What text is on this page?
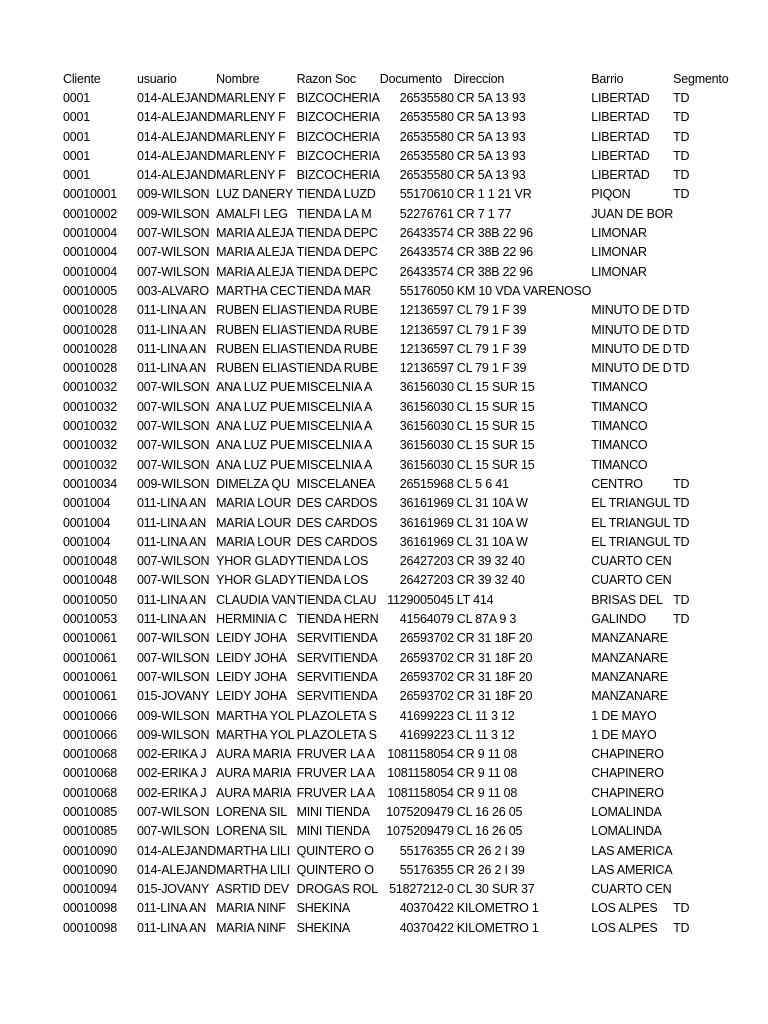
Cliente	usuario	Nombre	Razon Soc	Documento	Direccion	Barrio	Segmento
0001	014-ALEJAND	MARLENY F	BIZCOCHERIA	26535580	CR 5A 13 93	LIBERTAD	TD
0001	014-ALEJAND	MARLENY F	BIZCOCHERIA	26535580	CR 5A 13 93	LIBERTAD	TD
0001	014-ALEJAND	MARLENY F	BIZCOCHERIA	26535580	CR 5A 13 93	LIBERTAD	TD
0001	014-ALEJAND	MARLENY F	BIZCOCHERIA	26535580	CR 5A 13 93	LIBERTAD	TD
0001	014-ALEJAND	MARLENY F	BIZCOCHERIA	26535580	CR 5A 13 93	LIBERTAD	TD
00010001	009-WILSON	LUZ DANERY	TIENDA LUZD	55170610	CR 1 1 21 VR	PIQON	TD
00010002	009-WILSON	AMALFI LEG	TIENDA LA M	52276761	CR 7 1 77	JUAN DE BOR	
00010004	007-WILSON	MARIA ALEJA	TIENDA DEPC	26433574	CR 38B 22 96	LIMONAR	
00010004	007-WILSON	MARIA ALEJA	TIENDA DEPC	26433574	CR 38B 22 96	LIMONAR	
00010004	007-WILSON	MARIA ALEJA	TIENDA DEPC	26433574	CR 38B 22 96	LIMONAR	
00010005	003-ALVARO	MARTHA CEC	TIENDA MAR	55176050	KM 10 VDA VARENOSO		
00010028	011-LINA AN	RUBEN ELIAS	TIENDA RUBE	12136597	CL 79 1 F 39	MINUTO DE D	TD
00010028	011-LINA AN	RUBEN ELIAS	TIENDA RUBE	12136597	CL 79 1 F 39	MINUTO DE D	TD
00010028	011-LINA AN	RUBEN ELIAS	TIENDA RUBE	12136597	CL 79 1 F 39	MINUTO DE D	TD
00010028	011-LINA AN	RUBEN ELIAS	TIENDA RUBE	12136597	CL 79 1 F 39	MINUTO DE D	TD
00010032	007-WILSON	ANA LUZ PUE	MISCELNIA A	36156030	CL 15 SUR 15	TIMANCO	
00010032	007-WILSON	ANA LUZ PUE	MISCELNIA A	36156030	CL 15 SUR 15	TIMANCO	
00010032	007-WILSON	ANA LUZ PUE	MISCELNIA A	36156030	CL 15 SUR 15	TIMANCO	
00010032	007-WILSON	ANA LUZ PUE	MISCELNIA A	36156030	CL 15 SUR 15	TIMANCO	
00010032	007-WILSON	ANA LUZ PUE	MISCELNIA A	36156030	CL 15 SUR 15	TIMANCO	
00010034	009-WILSON	DIMELZA QU	MISCELANEA	26515968	CL 5 6 41	CENTRO	TD
0001004	011-LINA AN	MARIA LOUR	DES CARDOS	36161969	CL 31 10A W	EL TRIANGUL	TD
0001004	011-LINA AN	MARIA LOUR	DES CARDOS	36161969	CL 31 10A W	EL TRIANGUL	TD
0001004	011-LINA AN	MARIA LOUR	DES CARDOS	36161969	CL 31 10A W	EL TRIANGUL	TD
00010048	007-WILSON	YHOR GLADY	TIENDA LOS	26427203	CR 39 32 40	CUARTO CEN	
00010048	007-WILSON	YHOR GLADY	TIENDA LOS	26427203	CR 39 32 40	CUARTO CEN	
00010050	011-LINA AN	CLAUDIA VAN	TIENDA CLAU	1129005045	LT 414	BRISAS DEL	TD
00010053	011-LINA AN	HERMINIA C	TIENDA HERN	41564079	CL 87A 9 3	GALINDO	TD
00010061	007-WILSON	LEIDY JOHA	SERVITIENDA	26593702	CR 31 18F 20	MANZANARE	
00010061	007-WILSON	LEIDY JOHA	SERVITIENDA	26593702	CR 31 18F 20	MANZANARE	
00010061	007-WILSON	LEIDY JOHA	SERVITIENDA	26593702	CR 31 18F 20	MANZANARE	
00010061	015-JOVANY	LEIDY JOHA	SERVITIENDA	26593702	CR 31 18F 20	MANZANARE	
00010066	009-WILSON	MARTHA YOL	PLAZOLETA S	41699223	CL 11 3 12	1 DE MAYO	
00010066	009-WILSON	MARTHA YOL	PLAZOLETA S	41699223	CL 11 3 12	1 DE MAYO	
00010068	002-ERIKA J	AURA MARIA	FRUVER LA A	1081158054	CR 9 11 08	CHAPINERO	
00010068	002-ERIKA J	AURA MARIA	FRUVER LA A	1081158054	CR 9 11 08	CHAPINERO	
00010068	002-ERIKA J	AURA MARIA	FRUVER LA A	1081158054	CR 9 11 08	CHAPINERO	
00010085	007-WILSON	LORENA SIL	MINI TIENDA	1075209479	CL 16 26 05	LOMALINDA	
00010085	007-WILSON	LORENA SIL	MINI TIENDA	1075209479	CL 16 26 05	LOMALINDA	
00010090	014-ALEJAND	MARTHA LILI	QUINTERO O	55176355	CR 26 2 I 39	LAS AMERICA	
00010090	014-ALEJAND	MARTHA LILI	QUINTERO O	55176355	CR 26 2 I 39	LAS AMERICA	
00010094	015-JOVANY	ASRTID DEV	DROGAS ROL	51827212-0	CL 30 SUR 37	CUARTO CEN	
00010098	011-LINA AN	MARIA NINF	SHEKINA	40370422	KILOMETRO 1	LOS ALPES	TD
00010098	011-LINA AN	MARIA NINF	SHEKINA	40370422	KILOMETRO 1	LOS ALPES	TD
